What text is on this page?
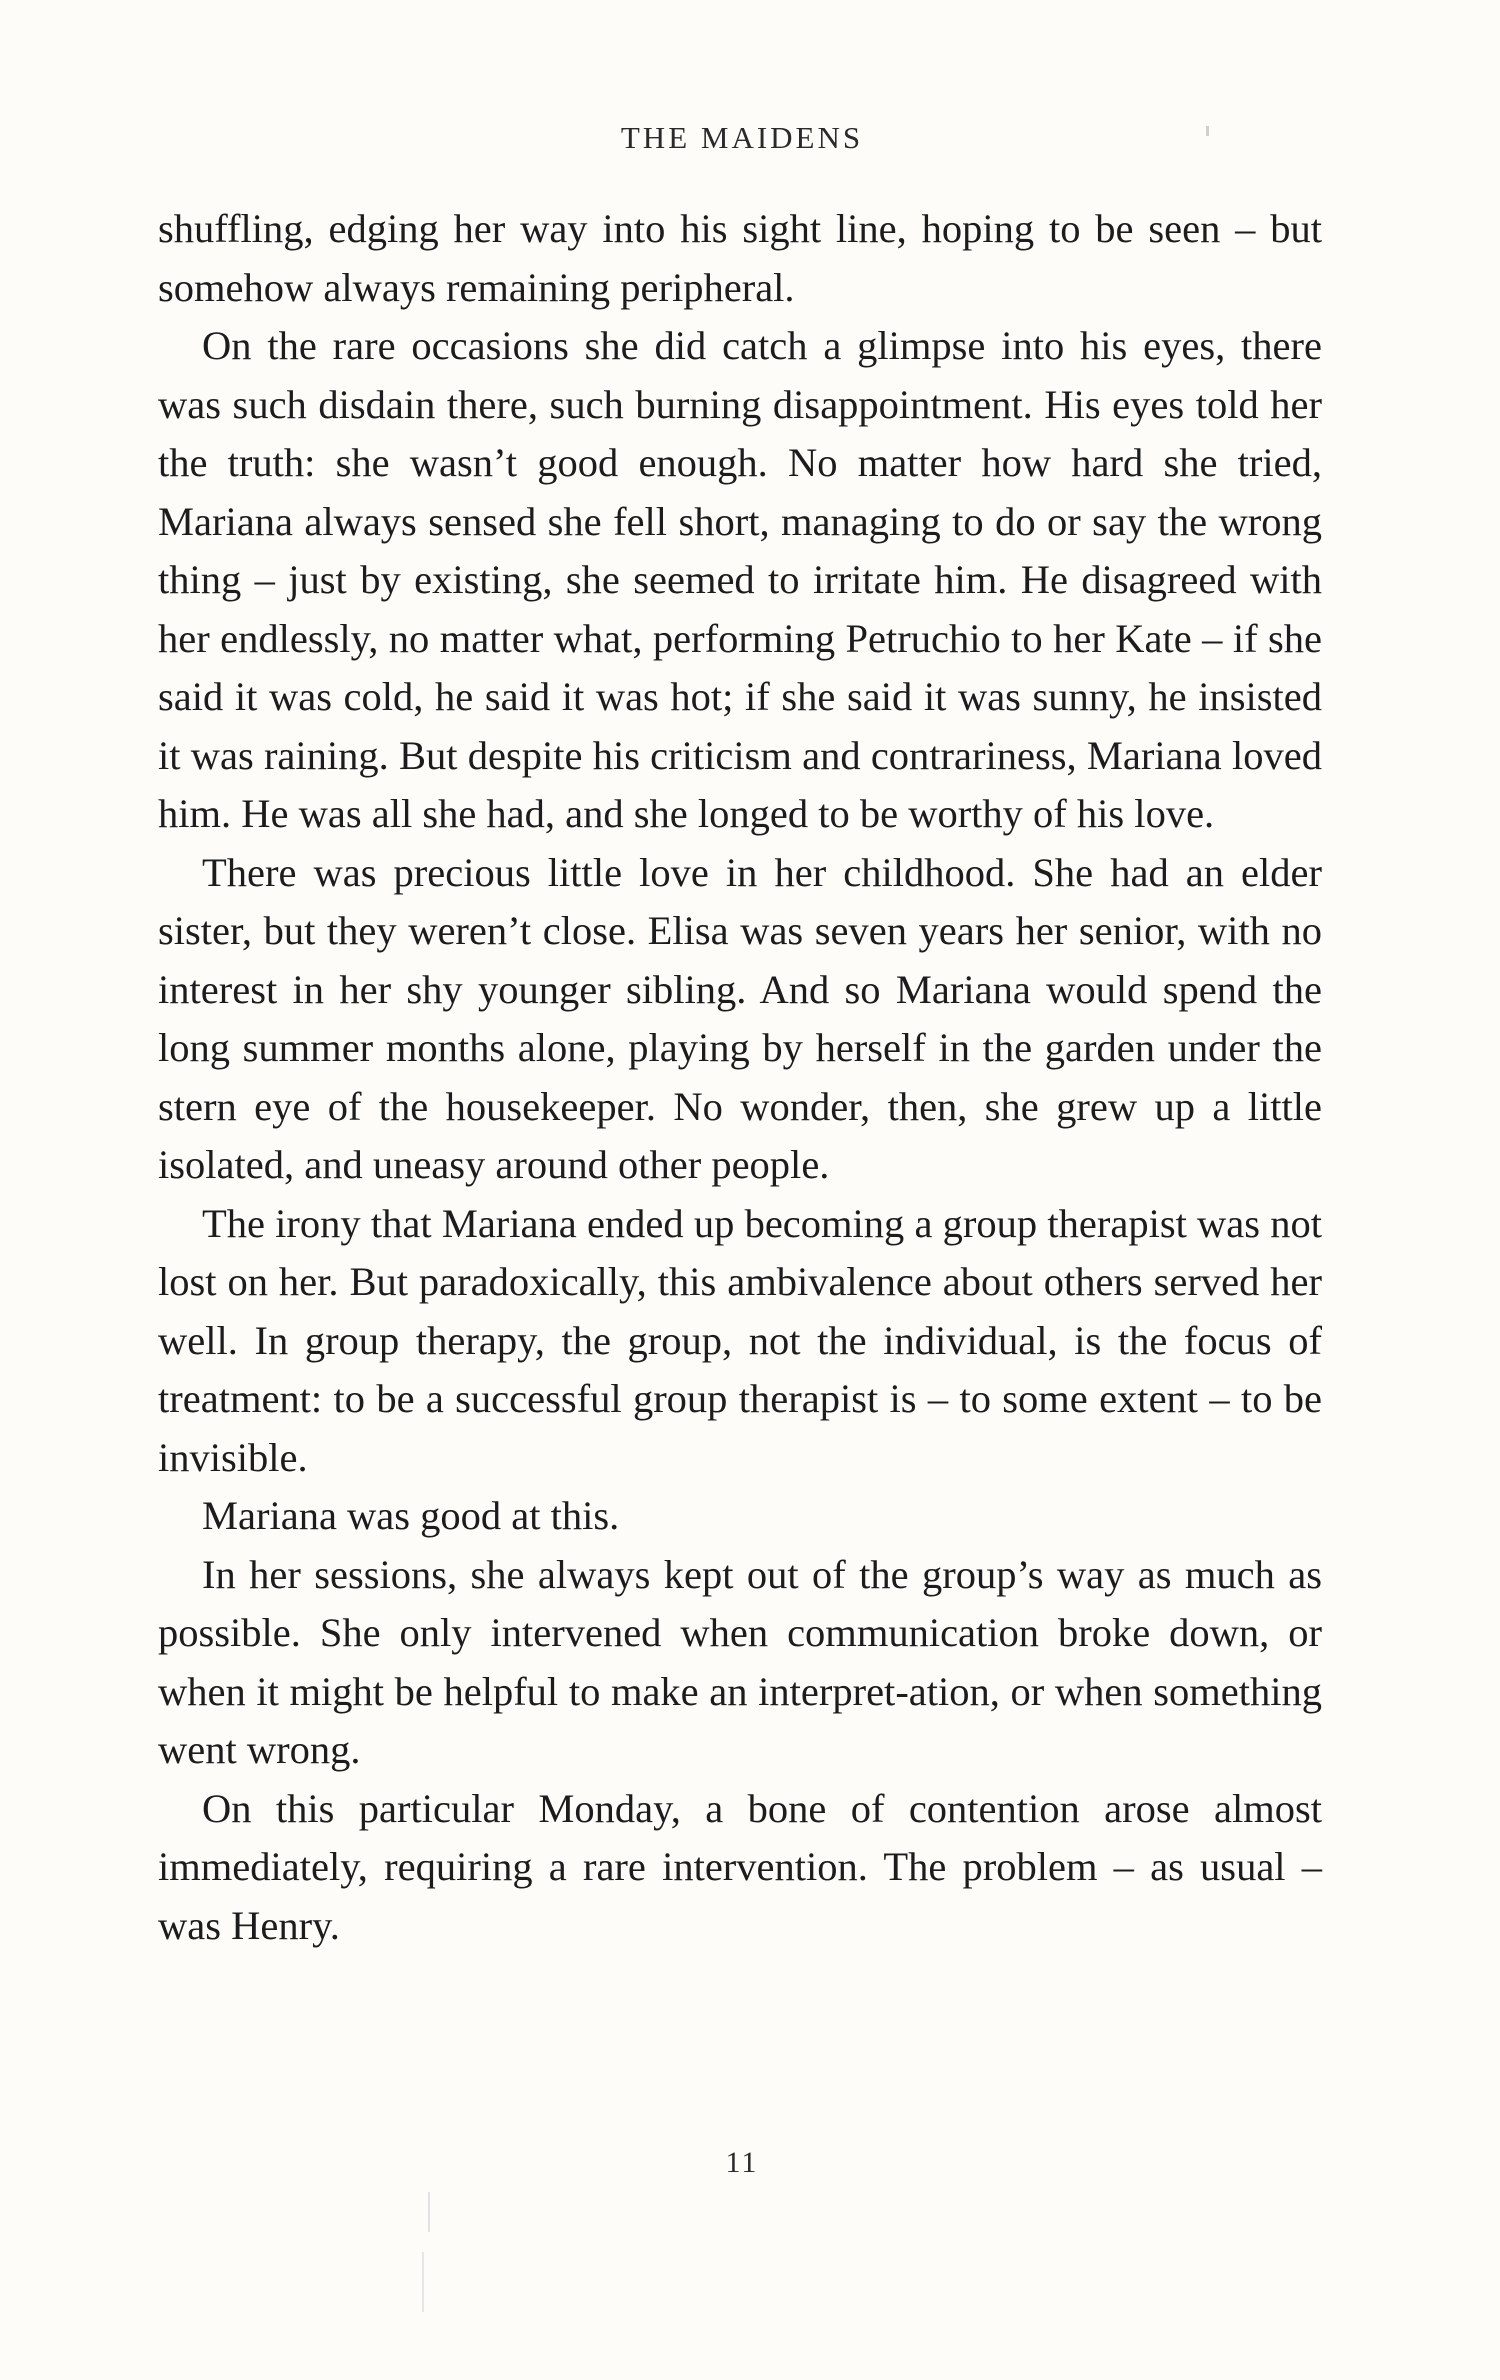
THE MAIDENS

shuffling, edging her way into his sight line, hoping to be seen – but somehow always remaining peripheral.

On the rare occasions she did catch a glimpse into his eyes, there was such disdain there, such burning disappointment. His eyes told her the truth: she wasn’t good enough. No matter how hard she tried, Mariana always sensed she fell short, managing to do or say the wrong thing – just by existing, she seemed to irritate him. He disagreed with her endlessly, no matter what, performing Petruchio to her Kate – if she said it was cold, he said it was hot; if she said it was sunny, he insisted it was raining. But despite his criticism and contrariness, Mariana loved him. He was all she had, and she longed to be worthy of his love.

There was precious little love in her childhood. She had an elder sister, but they weren’t close. Elisa was seven years her senior, with no interest in her shy younger sibling. And so Mariana would spend the long summer months alone, playing by herself in the garden under the stern eye of the housekeeper. No wonder, then, she grew up a little isolated, and uneasy around other people.

The irony that Mariana ended up becoming a group therapist was not lost on her. But paradoxically, this ambivalence about others served her well. In group therapy, the group, not the individual, is the focus of treatment: to be a successful group therapist is – to some extent – to be invisible.

Mariana was good at this.

In her sessions, she always kept out of the group’s way as much as possible. She only intervened when communication broke down, or when it might be helpful to make an interpret-ation, or when something went wrong.

On this particular Monday, a bone of contention arose almost immediately, requiring a rare intervention. The problem – as usual – was Henry.

11
